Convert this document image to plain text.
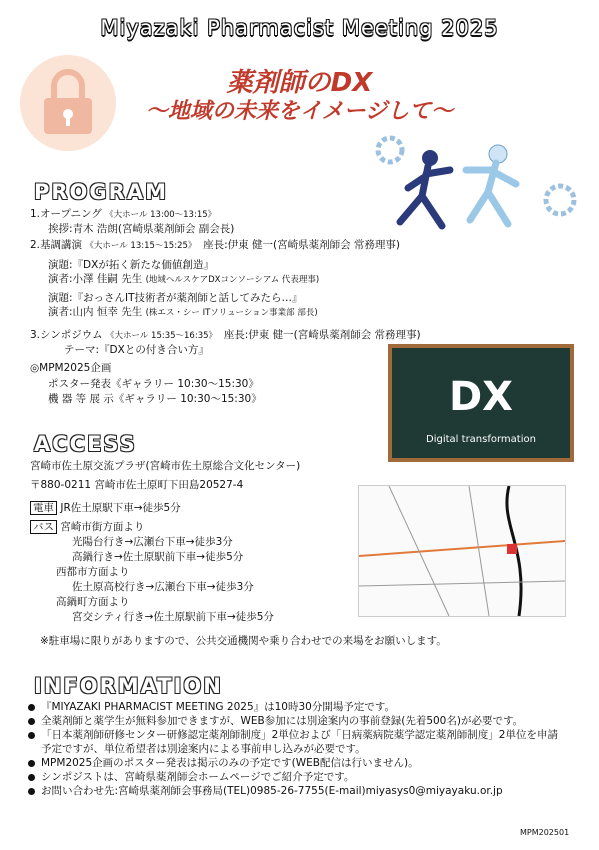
Miyazaki Pharmacist Meeting 2025
薬剤師のDX
～地域の未来をイメージして～
PROGRAM
1.オープニング 《大ホール 13:00～13:15》
挨拶:青木 浩朗(宮崎県薬剤師会 副会長)
2.基調講演 《大ホール 13:15～15:25》 座長:伊東 健一(宮崎県薬剤師会 常務理事)
演題:『DXが拓く新たな価値創造』
演者:小澤 佳嗣 先生 (地域ヘルスケアDXコンソーシアム 代表理事)
演題:『おっさんIT技術者が薬剤師と話してみたら…』
演者:山内 恒幸 先生 (株エス・シー ITソリューション事業部 部長)
3.シンポジウム 《大ホール 15:35～16:35》 座長:伊東 健一(宮崎県薬剤師会 常務理事)
テーマ:『DXとの付き合い方』
◎MPM2025企画
ポスター発表《ギャラリー 10:30～15:30》
機 器 等 展 示《ギャラリー 10:30～15:30》	DX
Digital transformation
ACCESS
宮崎市佐土原交流プラザ(宮崎市佐土原総合文化センター)
〒880-0211 宮崎市佐土原町下田島20527-4
電車 JR佐土原駅下車→徒歩5分
バス 宮崎市街方面より
光陽台行き→広瀬台下車→徒歩3分
高鍋行き→佐土原駅前下車→徒歩5分
西都市方面より
佐土原高校行き→広瀬台下車→徒歩3分
高鍋町方面より
宮交シティ行き→佐土原駅前下車→徒歩5分
※駐車場に限りがありますので、公共交通機関や乗り合わせでの来場をお願いします。
INFORMATION
『MIYAZAKI PHARMACIST MEETING 2025』は10時30分開場予定です。
全薬剤師と薬学生が無料参加できますが、WEB参加には別途案内の事前登録(先着500名)が必要です。
「日本薬剤師研修センター研修認定薬剤師制度」2単位および「日病薬病院薬学認定薬剤師制度」2単位を申請
予定ですが、単位希望者は別途案内による事前申し込みが必要です。
MPM2025企画のポスター発表は掲示のみの予定です(WEB配信は行いません)。
シンポジストは、宮崎県薬剤師会ホームページでご紹介予定です。
お問い合わせ先:宮崎県薬剤師会事務局(TEL)0985-26-7755(E-mail)miyasys0@miyayaku.or.jp
MPM202501
